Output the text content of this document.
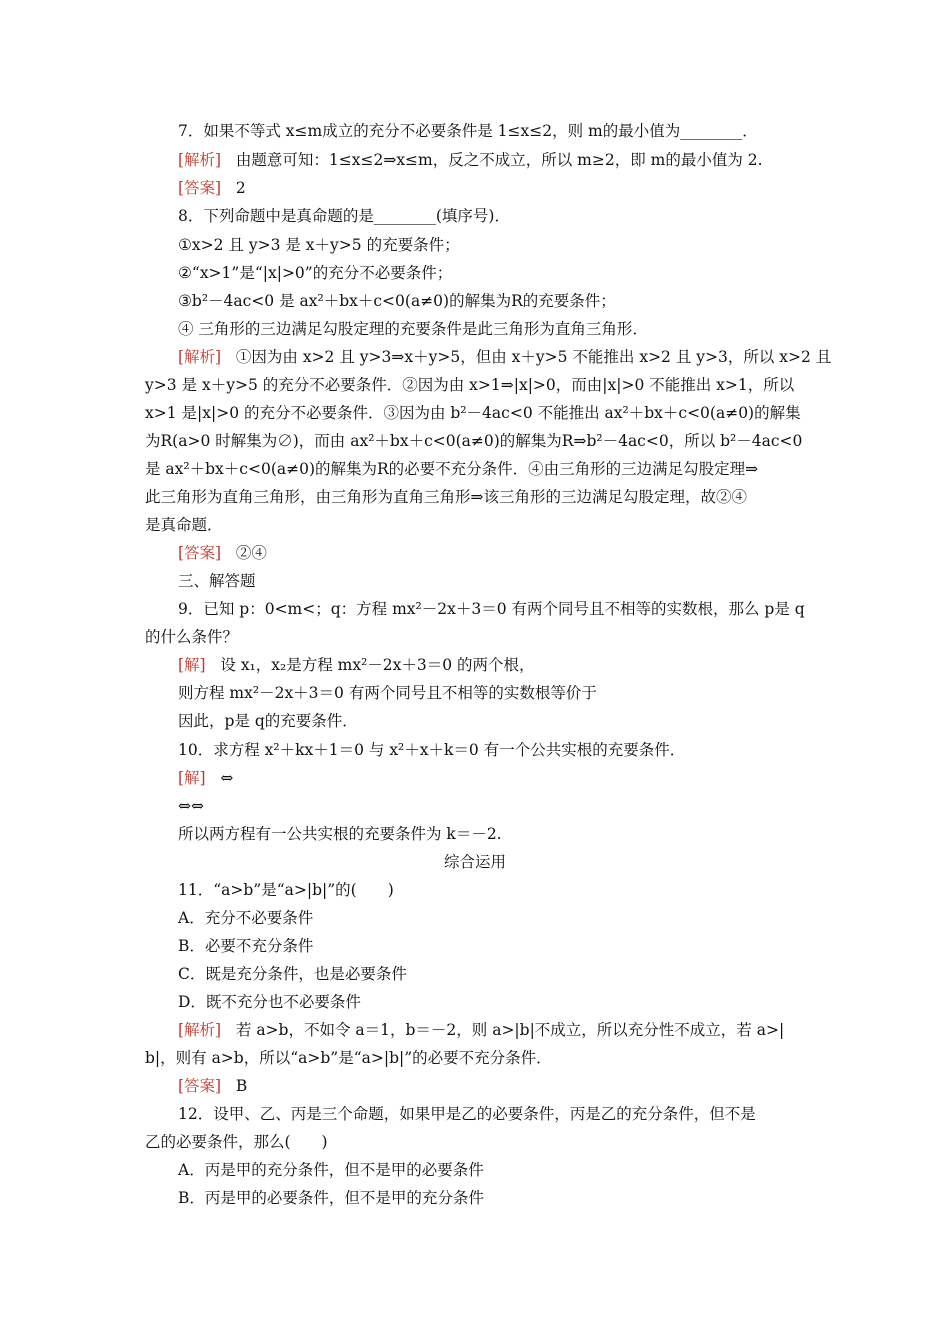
7．如果不等式 x≤m成立的充分不必要条件是 1≤x≤2，则 m的最小值为________．
[解析] 由题意可知：1≤x≤2⇒x≤m，反之不成立，所以 m≥2，即 m的最小值为 2.
[答案] 2
8．下列命题中是真命题的是________(填序号)．
①x>2 且 y>3 是 x＋y>5 的充要条件；
②“x>1”是“|x|>0”的充分不必要条件；
③b²－4ac<0 是 ax²＋bx＋c<0(a≠0)的解集为R的充要条件；
④ 三角形的三边满足勾股定理的充要条件是此三角形为直角三角形．
[解析] ①因为由 x>2 且 y>3⇒x＋y>5，但由 x＋y>5 不能推出 x>2 且 y>3，所以 x>2 且
y>3 是 x＋y>5 的充分不必要条件．②因为由 x>1⇒|x|>0，而由|x|>0 不能推出 x>1，所以
x>1 是|x|>0 的充分不必要条件．③因为由 b²－4ac<0 不能推出 ax²＋bx＋c<0(a≠0)的解集
为R(a>0 时解集为∅)，而由 ax²＋bx＋c<0(a≠0)的解集为R⇒b²－4ac<0，所以 b²－4ac<0
是 ax²＋bx＋c<0(a≠0)的解集为R的必要不充分条件．④由三角形的三边满足勾股定理⇒
此三角形为直角三角形，由三角形为直角三角形⇒该三角形的三边满足勾股定理，故②④
是真命题．
[答案] ②④
三、解答题
9．已知 p：0<m<；q：方程 mx²－2x＋3＝0 有两个同号且不相等的实数根，那么 p是 q
的什么条件？
[解] 设 x₁，x₂是方程 mx²－2x＋3＝0 的两个根，
则方程 mx²－2x＋3＝0 有两个同号且不相等的实数根等价于
因此，p是 q的充要条件．
10．求方程 x²＋kx＋1＝0 与 x²＋x＋k＝0 有一个公共实根的充要条件．
[解] ⇔
⇔⇔
所以两方程有一公共实根的充要条件为 k＝－2.
综合运用
11．“a>b”是“a>|b|”的(　　)
A．充分不必要条件
B．必要不充分条件
C．既是充分条件，也是必要条件
D．既不充分也不必要条件
[解析] 若 a>b，不如令 a＝1，b＝－2，则 a>|b|不成立，所以充分性不成立，若 a>|
b|，则有 a>b，所以“a>b”是“a>|b|”的必要不充分条件．
[答案] B
12．设甲、乙、丙是三个命题，如果甲是乙的必要条件，丙是乙的充分条件，但不是
乙的必要条件，那么(　　)
A．丙是甲的充分条件，但不是甲的必要条件
B．丙是甲的必要条件，但不是甲的充分条件
